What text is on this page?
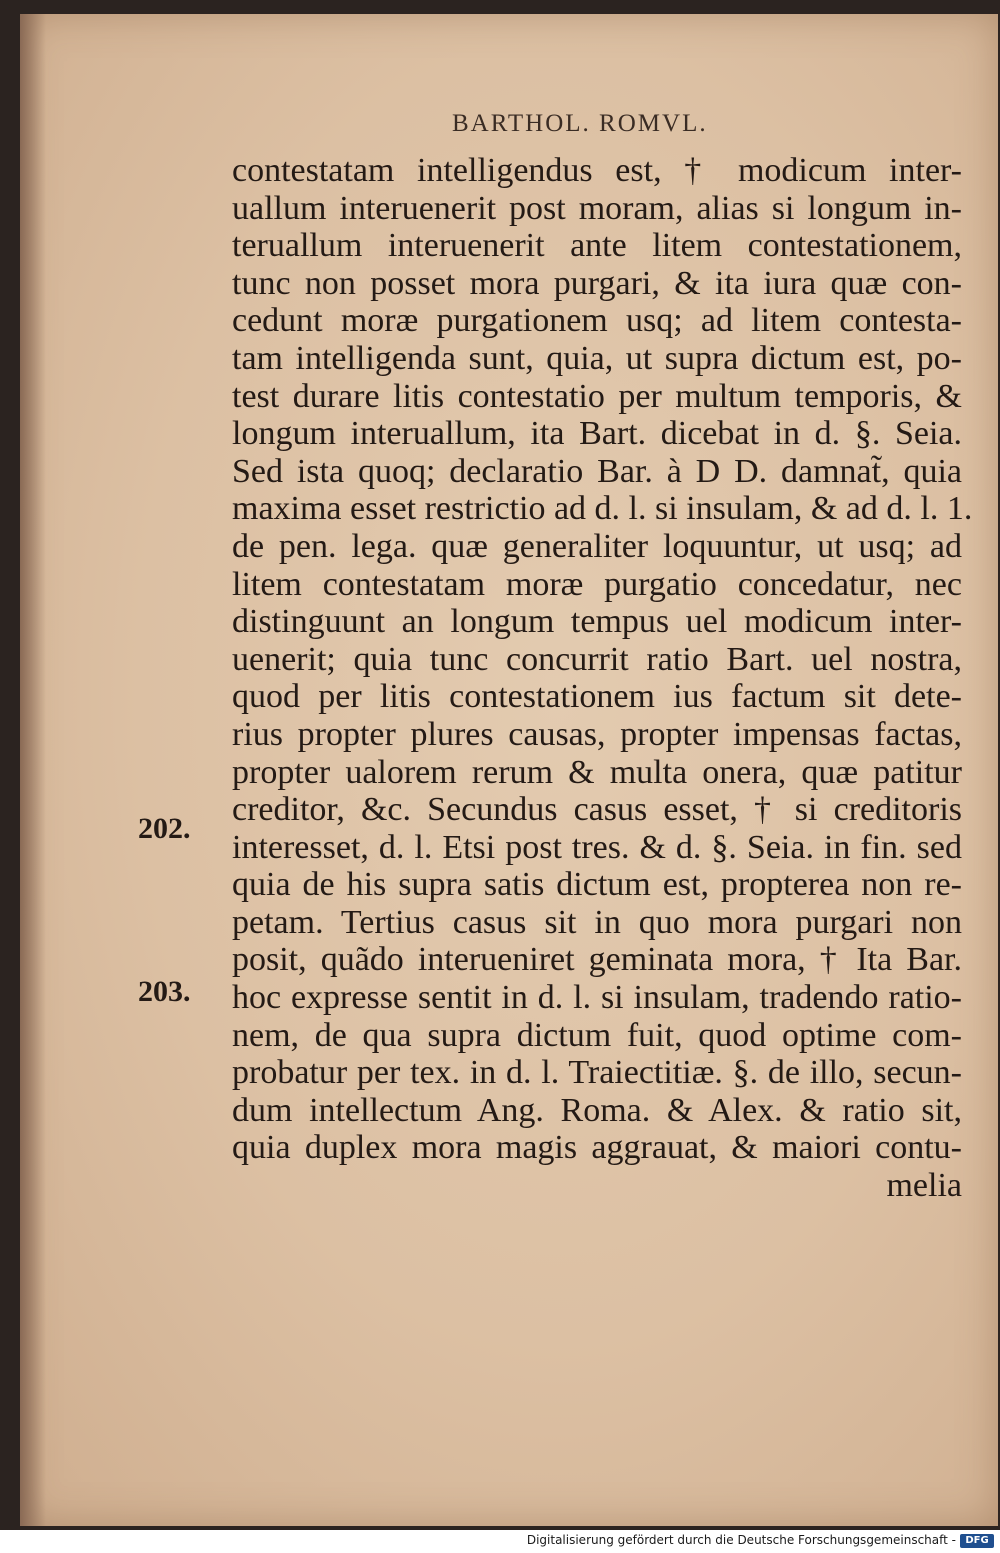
BARTHOL. ROMVL.
202.
203.
contestatam intelligendus est, † modicum inter-
uallum interuenerit post moram, alias si longum in-
teruallum interuenerit ante litem contestationem,
tunc non posset mora purgari, & ita iura quæ con-
cedunt moræ purgationem usq; ad litem contesta-
tam intelligenda sunt, quia, ut supra dictum est, po-
test durare litis contestatio per multum temporis, &
longum interuallum, ita Bart. dicebat in d. §. Seia.
Sed ista quoq; declaratio Bar. à D D. damnat̃, quia
maxima esset restrictio ad d. l. si insulam, & ad d. l. 1.
de pen. lega. quæ generaliter loquuntur, ut usq; ad
litem contestatam moræ purgatio concedatur, nec
distinguunt an longum tempus uel modicum inter-
uenerit; quia tunc concurrit ratio Bart. uel nostra,
quod per litis contestationem ius factum sit dete-
rius propter plures causas, propter impensas factas,
propter ualorem rerum & multa onera, quæ patitur
creditor, &c. Secundus casus esset, † si creditoris
interesset, d. l. Etsi post tres. & d. §. Seia. in fin. sed
quia de his supra satis dictum est, propterea non re-
petam. Tertius casus sit in quo mora purgari non
posit, quãdo interueniret geminata mora, † Ita Bar.
hoc expresse sentit in d. l. si insulam, tradendo ratio-
nem, de qua supra dictum fuit, quod optime com-
probatur per tex. in d. l. Traiectitiæ. §. de illo, secun-
dum intellectum Ang. Roma. & Alex. & ratio sit,
quia duplex mora magis aggrauat, & maiori contu-
melia
Digitalisierung gefördert durch die Deutsche Forschungsgemeinschaft - DFG
